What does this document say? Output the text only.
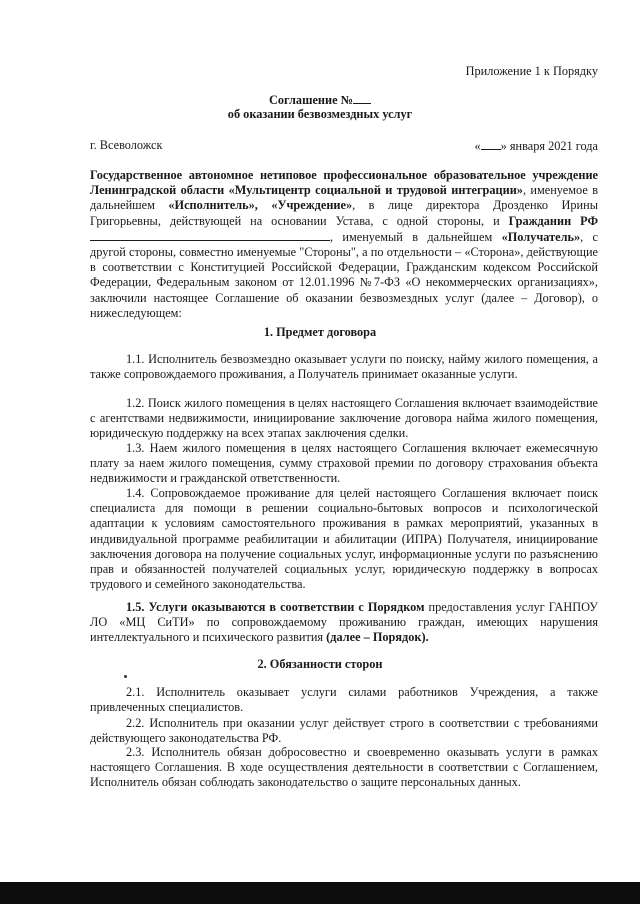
Приложение 1 к Порядку
Соглашение №
об оказании безвозмездных услуг
г. Всеволожск	« » января 2021 года
Государственное автономное нетиповое профессиональное образовательное учреждение Ленинградской области «Мультицентр социальной и трудовой интеграции», именуемое в дальнейшем «Исполнитель», «Учреждение», в лице директора Дрозденко Ирины Григорьевны, действующей на основании Устава, с одной стороны, и Гражданин РФ , именуемый в дальнейшем «Получатель», с другой стороны, совместно именуемые "Стороны", а по отдельности – «Сторона», действующие в соответствии с Конституцией Российской Федерации, Гражданским кодексом Российской Федерации, Федеральным законом от 12.01.1996 №7-ФЗ «О некоммерческих организациях», заключили настоящее Соглашение об оказании безвозмездных услуг (далее – Договор), о нижеследующем:
1. Предмет договора
1.1. Исполнитель безвозмездно оказывает услуги по поиску, найму жилого помещения, а также сопровождаемого проживания, а Получатель принимает оказанные услуги.
1.2. Поиск жилого помещения в целях настоящего Соглашения включает взаимодействие с агентствами недвижимости, инициирование заключение договора найма жилого помещения, юридическую поддержку на всех этапах заключения сделки.
1.3. Наем жилого помещения в целях настоящего Соглашения включает ежемесячную плату за наем жилого помещения, сумму страховой премии по договору страхования объекта недвижимости и гражданской ответственности.
1.4. Сопровождаемое проживание для целей настоящего Соглашения включает поиск специалиста для помощи в решении социально-бытовых вопросов и психологической адаптации к условиям самостоятельного проживания в рамках мероприятий, указанных в индивидуальной программе реабилитации и абилитации (ИПРА) Получателя, инициирование заключения договора на получение социальных услуг, информационные услуги по разъяснению прав и обязанностей получателей социальных услуг, юридическую поддержку в вопросах трудового и семейного законодательства.
1.5. Услуги оказываются в соответствии с Порядком предоставления услуг ГАНПОУ ЛО «МЦ СиТИ» по сопровождаемому проживанию граждан, имеющих нарушения интеллектуального и психического развития (далее – Порядок).
2. Обязанности сторон
2.1. Исполнитель оказывает услуги силами работников Учреждения, а также привлеченных специалистов.
2.2. Исполнитель при оказании услуг действует строго в соответствии с требованиями действующего законодательства РФ.
2.3. Исполнитель обязан добросовестно и своевременно оказывать услуги в рамках настоящего Соглашения. В ходе осуществления деятельности в соответствии с Соглашением, Исполнитель обязан соблюдать законодательство о защите персональных данных.
